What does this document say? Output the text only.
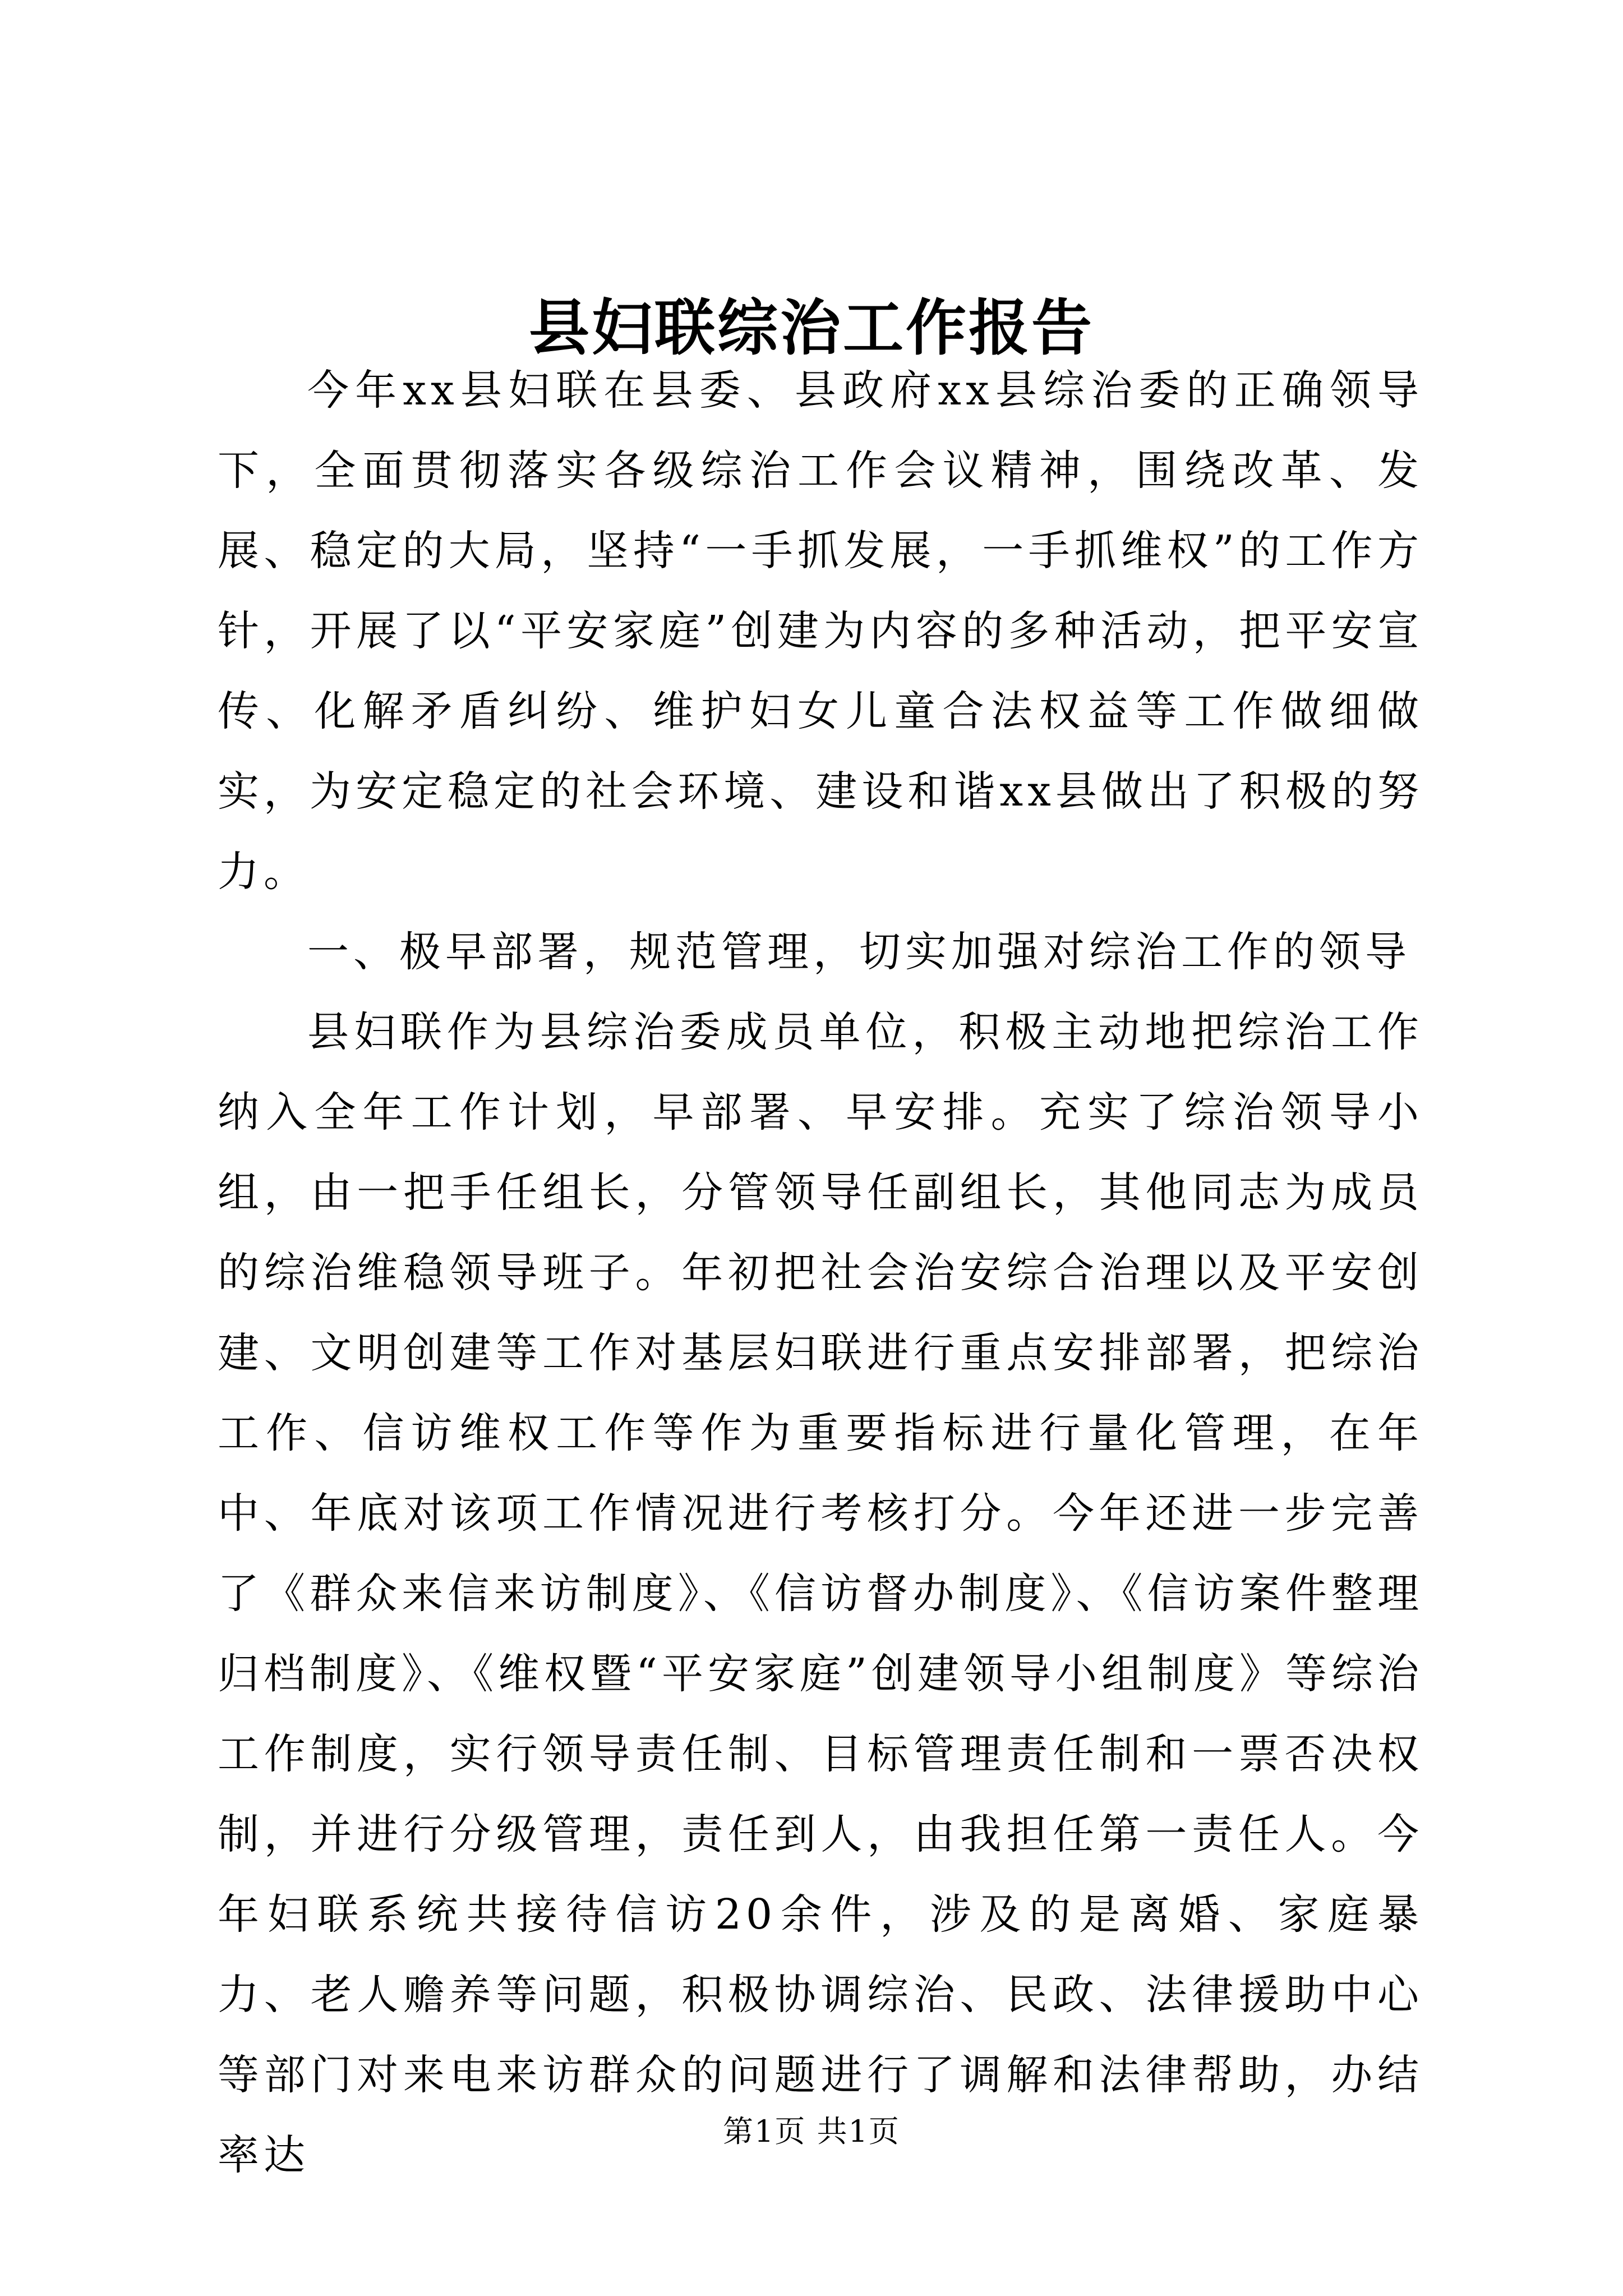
县妇联综治工作报告

今年xx县妇联在县委、县政府xx县综治委的正确领导下，全面贯彻落实各级综治工作会议精神，围绕改革、发展、稳定的大局，坚持“一手抓发展，一手抓维权”的工作方针，开展了以“平安家庭”创建为内容的多种活动，把平安宣传、化解矛盾纠纷、维护妇女儿童合法权益等工作做细做实，为安定稳定的社会环境、建设和谐xx县做出了积极的努力。

一、极早部署，规范管理，切实加强对综治工作的领导

县妇联作为县综治委成员单位，积极主动地把综治工作纳入全年工作计划，早部署、早安排。充实了综治领导小组，由一把手任组长，分管领导任副组长，其他同志为成员的综治维稳领导班子。年初把社会治安综合治理以及平安创建、文明创建等工作对基层妇联进行重点安排部署，把综治工作、信访维权工作等作为重要指标进行量化管理，在年中、年底对该项工作情况进行考核打分。今年还进一步完善了《群众来信来访制度》、《信访督办制度》、《信访案件整理归档制度》、《维权暨“平安家庭”创建领导小组制度》等综治工作制度，实行领导责任制、目标管理责任制和一票否决权制，并进行分级管理，责任到人，由我担任第一责任人。今年妇联系统共接待信访20余件，涉及的是离婚、家庭暴力、老人赡养等问题，积极协调综治、民政、法律援助中心等部门对来电来访群众的问题进行了调解和法律帮助，办结率达	第1页 共1页
